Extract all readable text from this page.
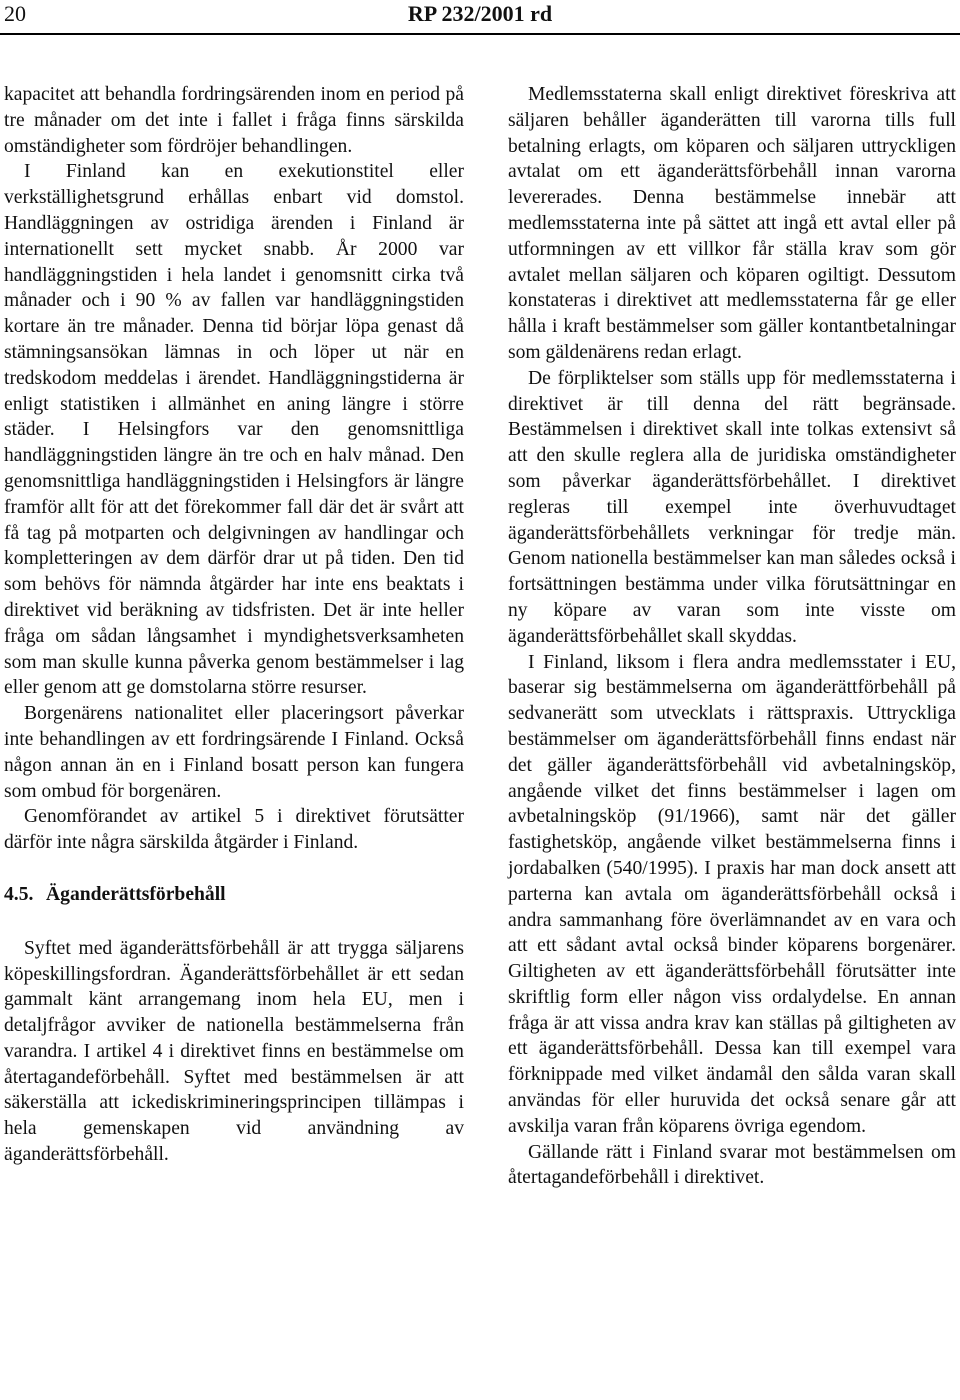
20	RP 232/2001 rd

kapacitet att behandla fordringsärenden inom en period på tre månader om det inte i fallet i fråga finns särskilda omständigheter som fördröjer behandlingen.

I Finland kan en exekutionstitel eller verkställighetsgrund erhållas enbart vid domstol. Handläggningen av ostridiga ärenden i Finland är internationellt sett mycket snabb. År 2000 var handläggningstiden i hela landet i genomsnitt cirka två månader och i 90 % av fallen var handläggningstiden kortare än tre månader. Denna tid börjar löpa genast då stämningsansökan lämnas in och löper ut när en tredskodom meddelas i ärendet. Handläggningstiderna är enligt statistiken i allmänhet en aning längre i större städer. I Helsingfors var den genomsnittliga handläggningstiden längre än tre och en halv månad. Den genomsnittliga handläggningstiden i Helsingfors är längre framför allt för att det förekommer fall där det är svårt att få tag på motparten och delgivningen av handlingar och kompletteringen av dem därför drar ut på tiden. Den tid som behövs för nämnda åtgärder har inte ens beaktats i direktivet vid beräkning av tidsfristen. Det är inte heller fråga om sådan långsamhet i myndighetsverksamheten som man skulle kunna påverka genom bestämmelser i lag eller genom att ge domstolarna större resurser.

Borgenärens nationalitet eller placeringsort påverkar inte behandlingen av ett fordringsärende I Finland. Också någon annan än en i Finland bosatt person kan fungera som ombud för borgenären.

Genomförandet av artikel 5 i direktivet förutsätter därför inte några särskilda åtgärder i Finland.

4.5. Äganderättsförbehåll

Syftet med äganderättsförbehåll är att trygga säljarens köpeskillingsfordran. Äganderättsförbehållet är ett sedan gammalt känt arrangemang inom hela EU, men i detaljfrågor avviker de nationella bestämmelserna från varandra. I artikel 4 i direktivet finns en bestämmelse om återtagandeförbehåll. Syftet med bestämmelsen är att säkerställa att ickediskrimineringsprincipen tillämpas i hela gemenskapen vid användning av äganderättsförbehåll.

Medlemsstaterna skall enligt direktivet föreskriva att säljaren behåller äganderätten till varorna tills full betalning erlagts, om köparen och säljaren uttryckligen avtalat om ett äganderättsförbehåll innan varorna levererades. Denna bestämmelse innebär att medlemsstaterna inte på sättet att ingå ett avtal eller på utformningen av ett villkor får ställa krav som gör avtalet mellan säljaren och köparen ogiltigt. Dessutom konstateras i direktivet att medlemsstaterna får ge eller hålla i kraft bestämmelser som gäller kontantbetalningar som gäldenärens redan erlagt.

De förpliktelser som ställs upp för medlemsstaterna i direktivet är till denna del rätt begränsade. Bestämmelsen i direktivet skall inte tolkas extensivt så att den skulle reglera alla de juridiska omständigheter som påverkar äganderättsförbehållet. I direktivet regleras till exempel inte överhuvudtaget äganderättsförbehållets verkningar för tredje män. Genom nationella bestämmelser kan man således också i fortsättningen bestämma under vilka förutsättningar en ny köpare av varan som inte visste om äganderättsförbehållet skall skyddas.

I Finland, liksom i flera andra medlemsstater i EU, baserar sig bestämmelserna om äganderättförbehåll på sedvanerätt som utvecklats i rättspraxis. Uttryckliga bestämmelser om äganderättsförbehåll finns endast när det gäller äganderättsförbehåll vid avbetalningsköp, angående vilket det finns bestämmelser i lagen om avbetalningsköp (91/1966), samt när det gäller fastighetsköp, angående vilket bestämmelserna finns i jordabalken (540/1995). I praxis har man dock ansett att parterna kan avtala om äganderättsförbehåll också i andra sammanhang före överlämnandet av en vara och att ett sådant avtal också binder köparens borgenärer. Giltigheten av ett äganderättsförbehåll förutsätter inte skriftlig form eller någon viss ordalydelse. En annan fråga är att vissa andra krav kan ställas på giltigheten av ett äganderättsförbehåll. Dessa kan till exempel vara förknippade med vilket ändamål den sålda varan skall användas för eller huruvida det också senare går att avskilja varan från köparens övriga egendom.

Gällande rätt i Finland svarar mot bestämmelsen om återtagandeförbehåll i direktivet.
